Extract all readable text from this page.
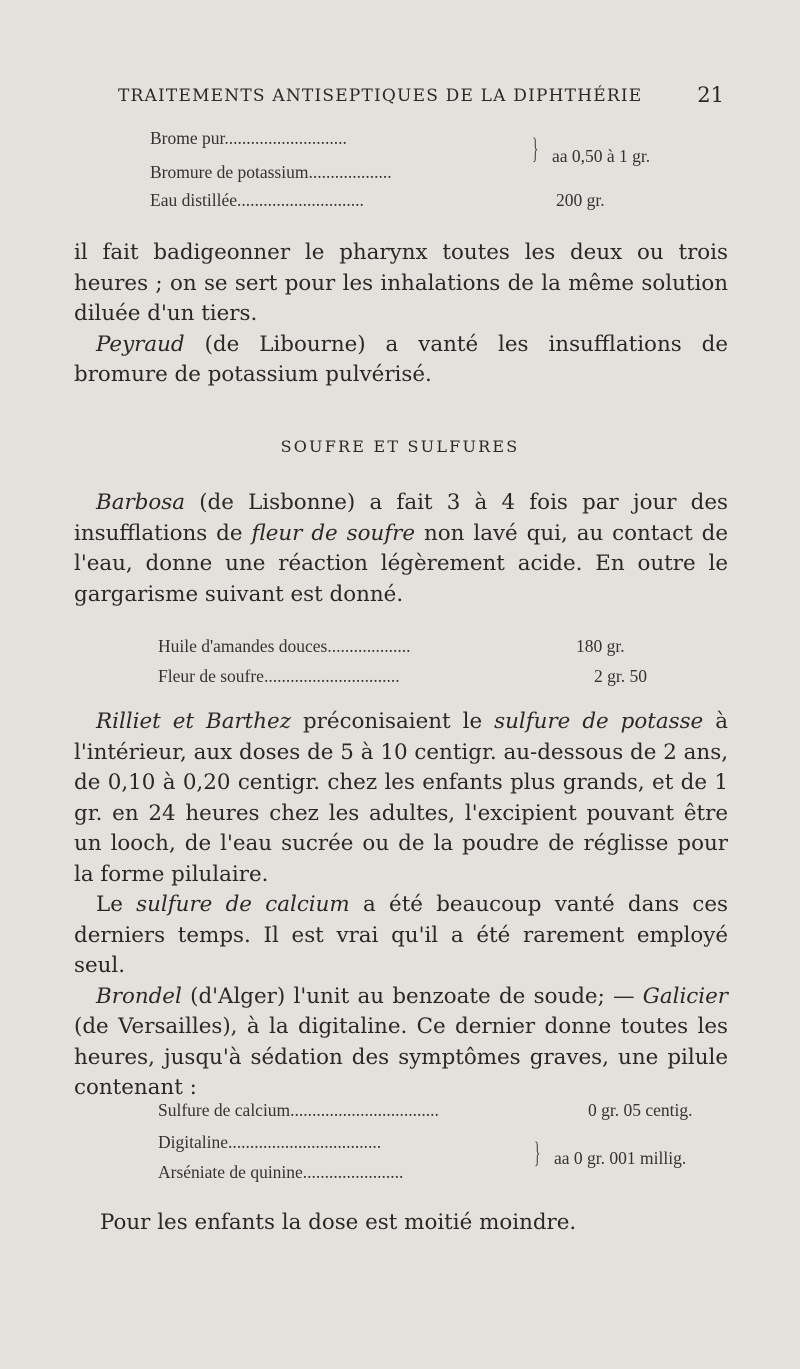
TRAITEMENTS ANTISEPTIQUES DE LA DIPHTHÉRIE	21
Brome pur............................
Bromure de potassium...................
} aa 0,50 à 1 gr.
Eau distillée.............................	200 gr.

il fait badigeonner le pharynx toutes les deux ou trois heures ; on se sert pour les inhalations de la même solution diluée d'un tiers.

Peyraud (de Libourne) a vanté les insufflations de bromure de potassium pulvérisé.

SOUFRE ET SULFURES

Barbosa (de Lisbonne) a fait 3 à 4 fois par jour des insufflations de fleur de soufre non lavé qui, au contact de l'eau, donne une réaction légèrement acide. En outre le gargarisme suivant est donné.

Huile d'amandes douces...................	180 gr.
Fleur de soufre...............................	2 gr. 50

Rilliet et Barthez préconisaient le sulfure de potasse à l'intérieur, aux doses de 5 à 10 centigr. au-dessous de 2 ans, de 0,10 à 0,20 centigr. chez les enfants plus grands, et de 1 gr. en 24 heures chez les adultes, l'excipient pouvant être un looch, de l'eau sucrée ou de la poudre de réglisse pour la forme pilulaire.

Le sulfure de calcium a été beaucoup vanté dans ces derniers temps. Il est vrai qu'il a été rarement employé seul.

Brondel (d'Alger) l'unit au benzoate de soude; — Galicier (de Versailles), à la digitaline. Ce dernier donne toutes les heures, jusqu'à sédation des symptômes graves, une pilule contenant :

Sulfure de calcium..................................	0 gr. 05 centig.
Digitaline...................................
Arséniate de quinine.......................
} aa 0 gr. 001 millig.

Pour les enfants la dose est moitié moindre.
